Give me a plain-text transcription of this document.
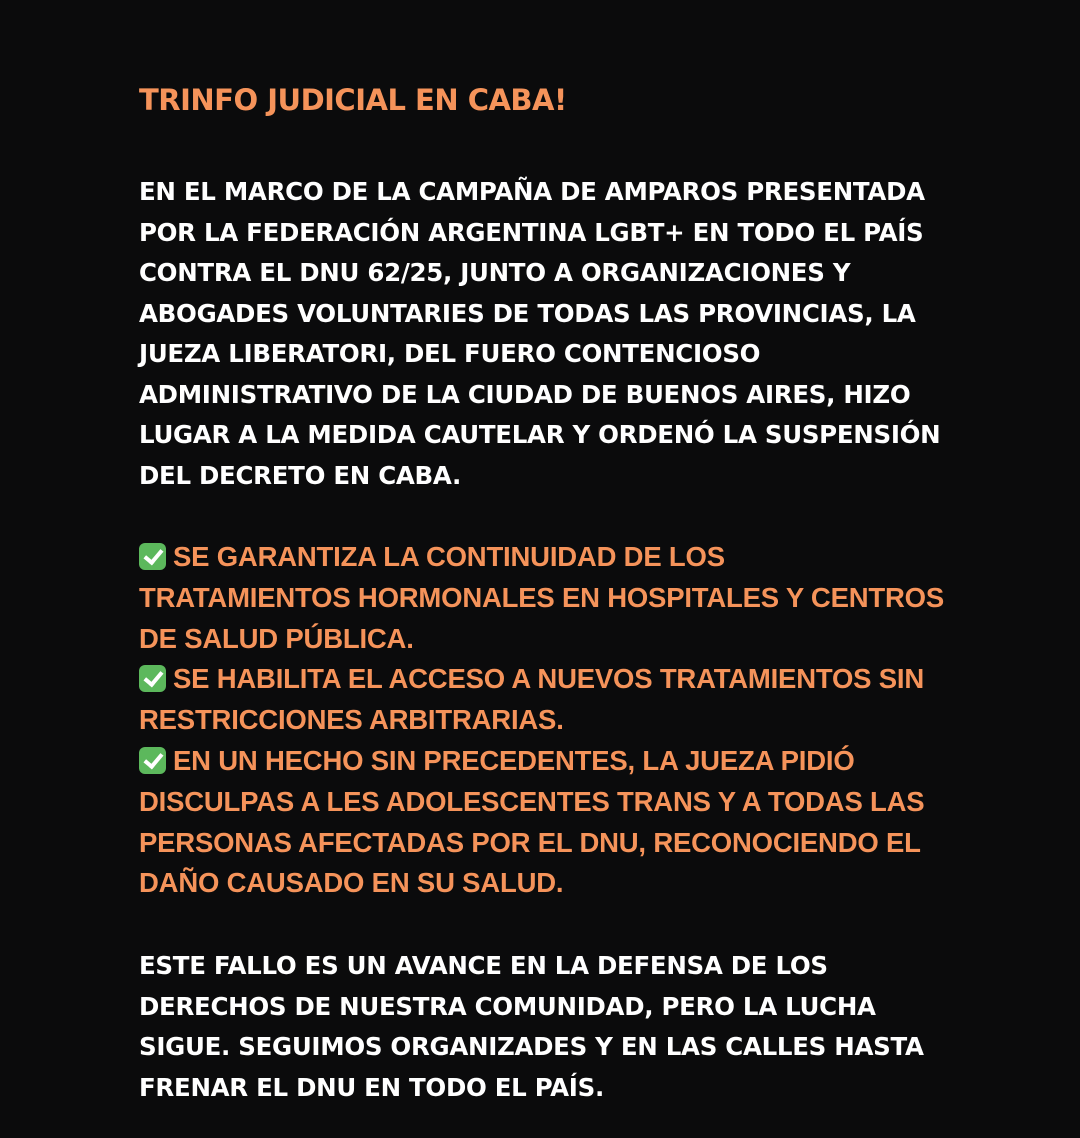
TRINFO JUDICIAL EN CABA!

EN EL MARCO DE LA CAMPAÑA DE AMPAROS PRESENTADA
POR LA FEDERACIÓN ARGENTINA LGBT+ EN TODO EL PAÍS
CONTRA EL DNU 62/25, JUNTO A ORGANIZACIONES Y
ABOGADES VOLUNTARIES DE TODAS LAS PROVINCIAS, LA
JUEZA LIBERATORI, DEL FUERO CONTENCIOSO
ADMINISTRATIVO DE LA CIUDAD DE BUENOS AIRES, HIZO
LUGAR A LA MEDIDA CAUTELAR Y ORDENÓ LA SUSPENSIÓN
DEL DECRETO EN CABA.

SE GARANTIZA LA CONTINUIDAD DE LOS
TRATAMIENTOS HORMONALES EN HOSPITALES Y CENTROS
DE SALUD PÚBLICA.
SE HABILITA EL ACCESO A NUEVOS TRATAMIENTOS SIN
RESTRICCIONES ARBITRARIAS.
EN UN HECHO SIN PRECEDENTES, LA JUEZA PIDIÓ
DISCULPAS A LES ADOLESCENTES TRANS Y A TODAS LAS
PERSONAS AFECTADAS POR EL DNU, RECONOCIENDO EL
DAÑO CAUSADO EN SU SALUD.

ESTE FALLO ES UN AVANCE EN LA DEFENSA DE LOS
DERECHOS DE NUESTRA COMUNIDAD, PERO LA LUCHA
SIGUE. SEGUIMOS ORGANIZADES Y EN LAS CALLES HASTA
FRENAR EL DNU EN TODO EL PAÍS.
